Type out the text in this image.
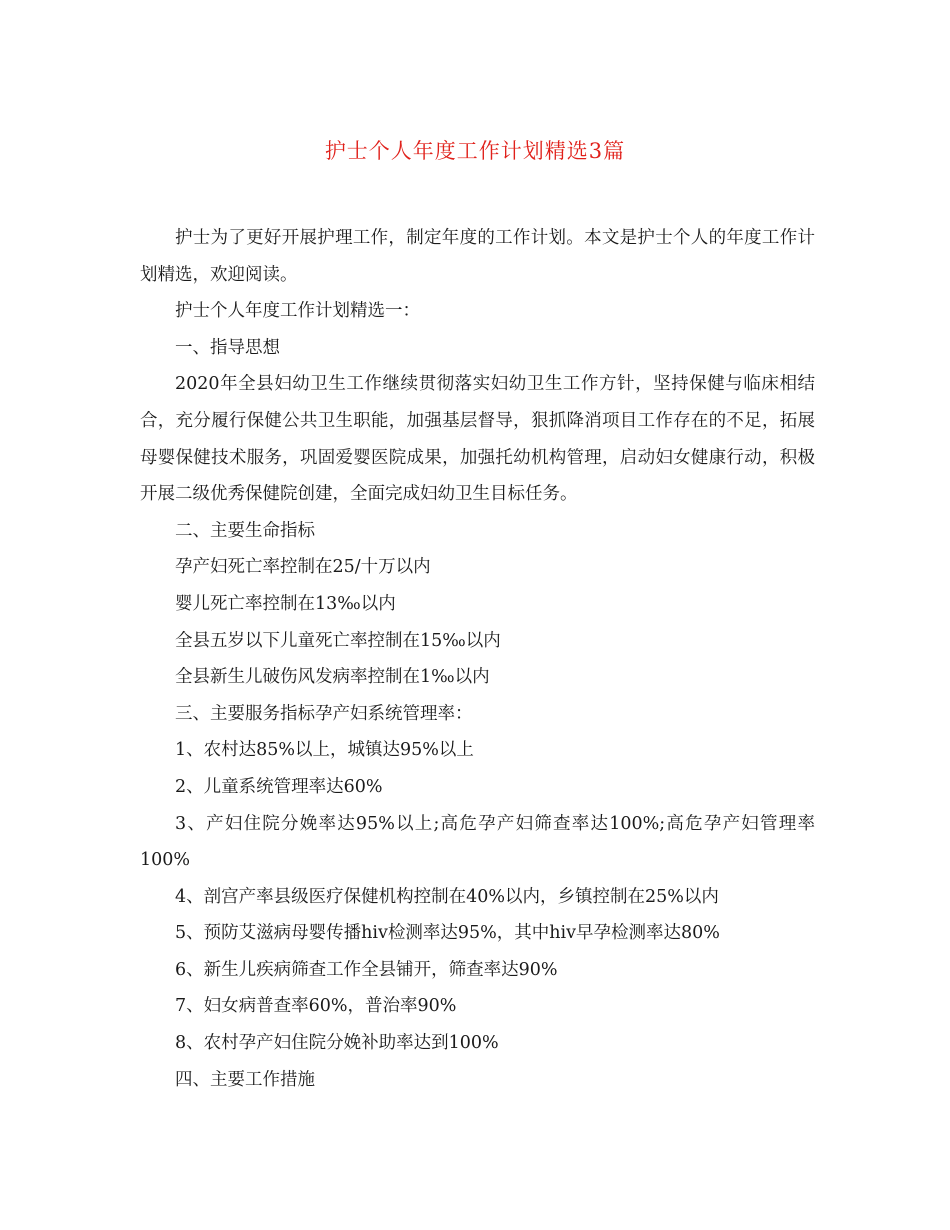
护士个人年度工作计划精选3篇

护士为了更好开展护理工作，制定年度的工作计划。本文是护士个人的年度工作计划精选，欢迎阅读。

护士个人年度工作计划精选一：

一、指导思想

2020年全县妇幼卫生工作继续贯彻落实妇幼卫生工作方针，坚持保健与临床相结合，充分履行保健公共卫生职能，加强基层督导，狠抓降消项目工作存在的不足，拓展母婴保健技术服务，巩固爱婴医院成果，加强托幼机构管理，启动妇女健康行动，积极开展二级优秀保健院创建，全面完成妇幼卫生目标任务。

二、主要生命指标

孕产妇死亡率控制在25/十万以内

婴儿死亡率控制在13‰以内

全县五岁以下儿童死亡率控制在15‰以内

全县新生儿破伤风发病率控制在1‰以内

三、主要服务指标孕产妇系统管理率：

1、农村达85%以上，城镇达95%以上

2、儿童系统管理率达60%

3、产妇住院分娩率达95%以上;高危孕产妇筛查率达100%;高危孕产妇管理率100%

4、剖宫产率县级医疗保健机构控制在40%以内，乡镇控制在25%以内

5、预防艾滋病母婴传播hiv检测率达95%，其中hiv早孕检测率达80%

6、新生儿疾病筛查工作全县铺开，筛查率达90%

7、妇女病普查率60%，普治率90%

8、农村孕产妇住院分娩补助率达到100%

四、主要工作措施
